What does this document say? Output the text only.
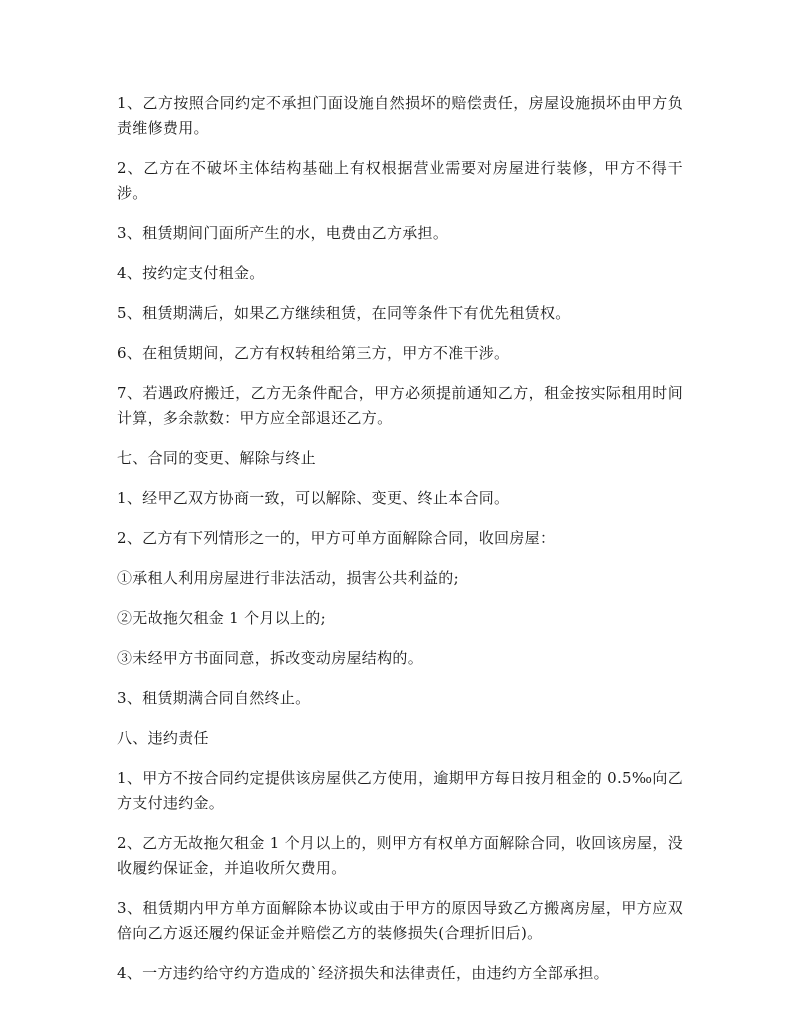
1、乙方按照合同约定不承担门面设施自然损坏的赔偿责任，房屋设施损坏由甲方负责维修费用。

2、乙方在不破坏主体结构基础上有权根据营业需要对房屋进行装修，甲方不得干涉。

3、租赁期间门面所产生的水，电费由乙方承担。

4、按约定支付租金。

5、租赁期满后，如果乙方继续租赁，在同等条件下有优先租赁权。

6、在租赁期间，乙方有权转租给第三方，甲方不准干涉。

7、若遇政府搬迁，乙方无条件配合，甲方必须提前通知乙方，租金按实际租用时间计算，多余款数：甲方应全部退还乙方。

七、合同的变更、解除与终止

1、经甲乙双方协商一致，可以解除、变更、终止本合同。

2、乙方有下列情形之一的，甲方可单方面解除合同，收回房屋：

①承租人利用房屋进行非法活动，损害公共利益的;

②无故拖欠租金 1 个月以上的;

③未经甲方书面同意，拆改变动房屋结构的。

3、租赁期满合同自然终止。

八、违约责任

1、甲方不按合同约定提供该房屋供乙方使用，逾期甲方每日按月租金的 0.5‰向乙方支付违约金。

2、乙方无故拖欠租金 1 个月以上的，则甲方有权单方面解除合同，收回该房屋，没收履约保证金，并追收所欠费用。

3、租赁期内甲方单方面解除本协议或由于甲方的原因导致乙方搬离房屋，甲方应双倍向乙方返还履约保证金并赔偿乙方的装修损失(合理折旧后)。

4、一方违约给守约方造成的`经济损失和法律责任，由违约方全部承担。
